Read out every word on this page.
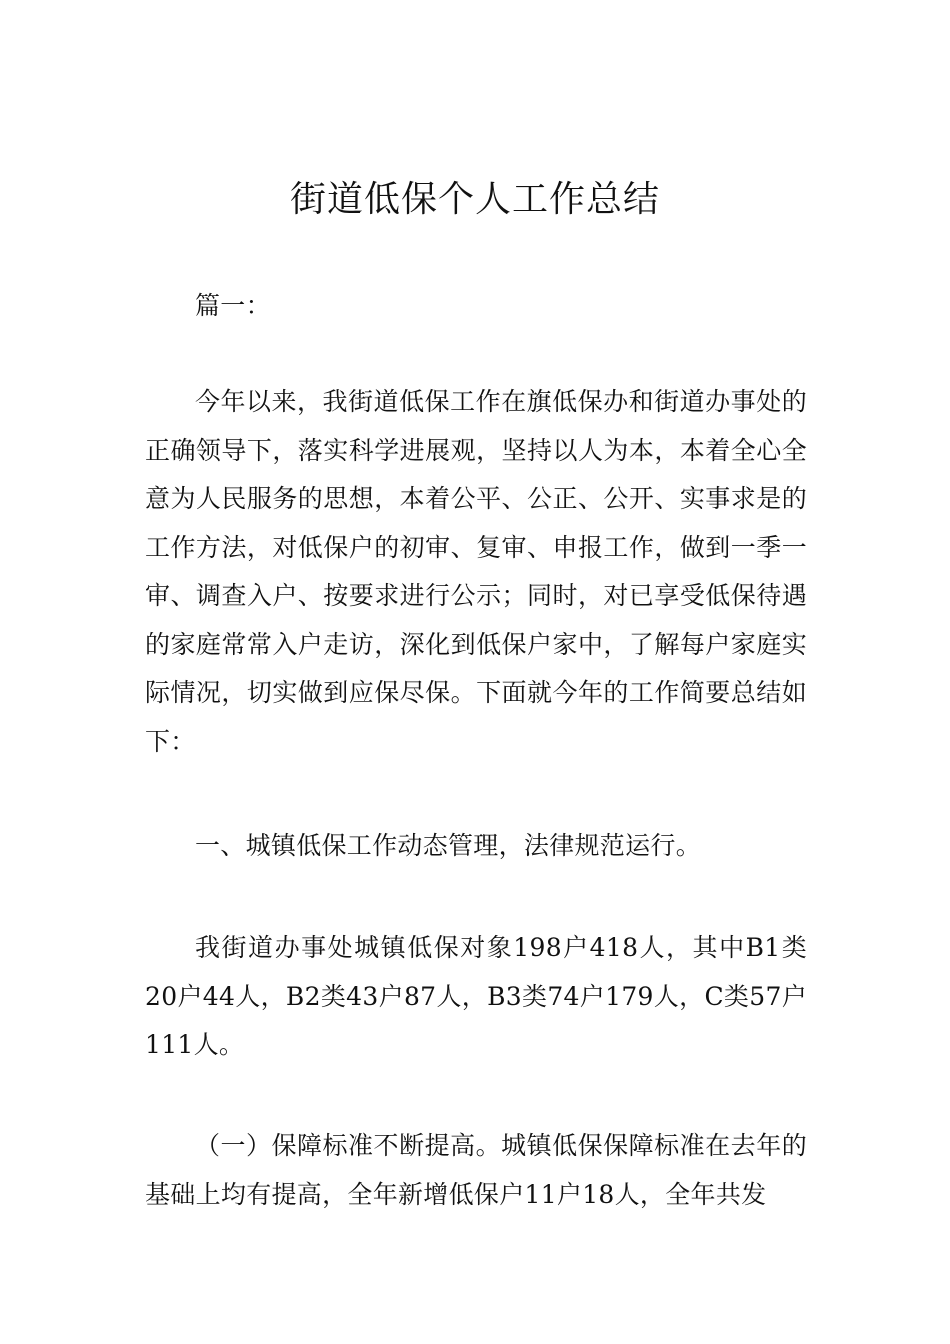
街道低保个人工作总结

篇一：

今年以来，我街道低保工作在旗低保办和街道办事处的正确领导下，落实科学进展观，坚持以人为本，本着全心全意为人民服务的思想，本着公平、公正、公开、实事求是的工作方法，对低保户的初审、复审、申报工作，做到一季一审、调查入户、按要求进行公示；同时，对已享受低保待遇的家庭常常入户走访，深化到低保户家中，了解每户家庭实际情况，切实做到应保尽保。下面就今年的工作简要总结如下：

一、城镇低保工作动态管理，法律规范运行。

我街道办事处城镇低保对象198户418人，其中B1类20户44人，B2类43户87人，B3类74户179人，C类57户111人。

（一）保障标准不断提高。城镇低保保障标准在去年的基础上均有提高，全年新增低保户11户18人，全年共发
